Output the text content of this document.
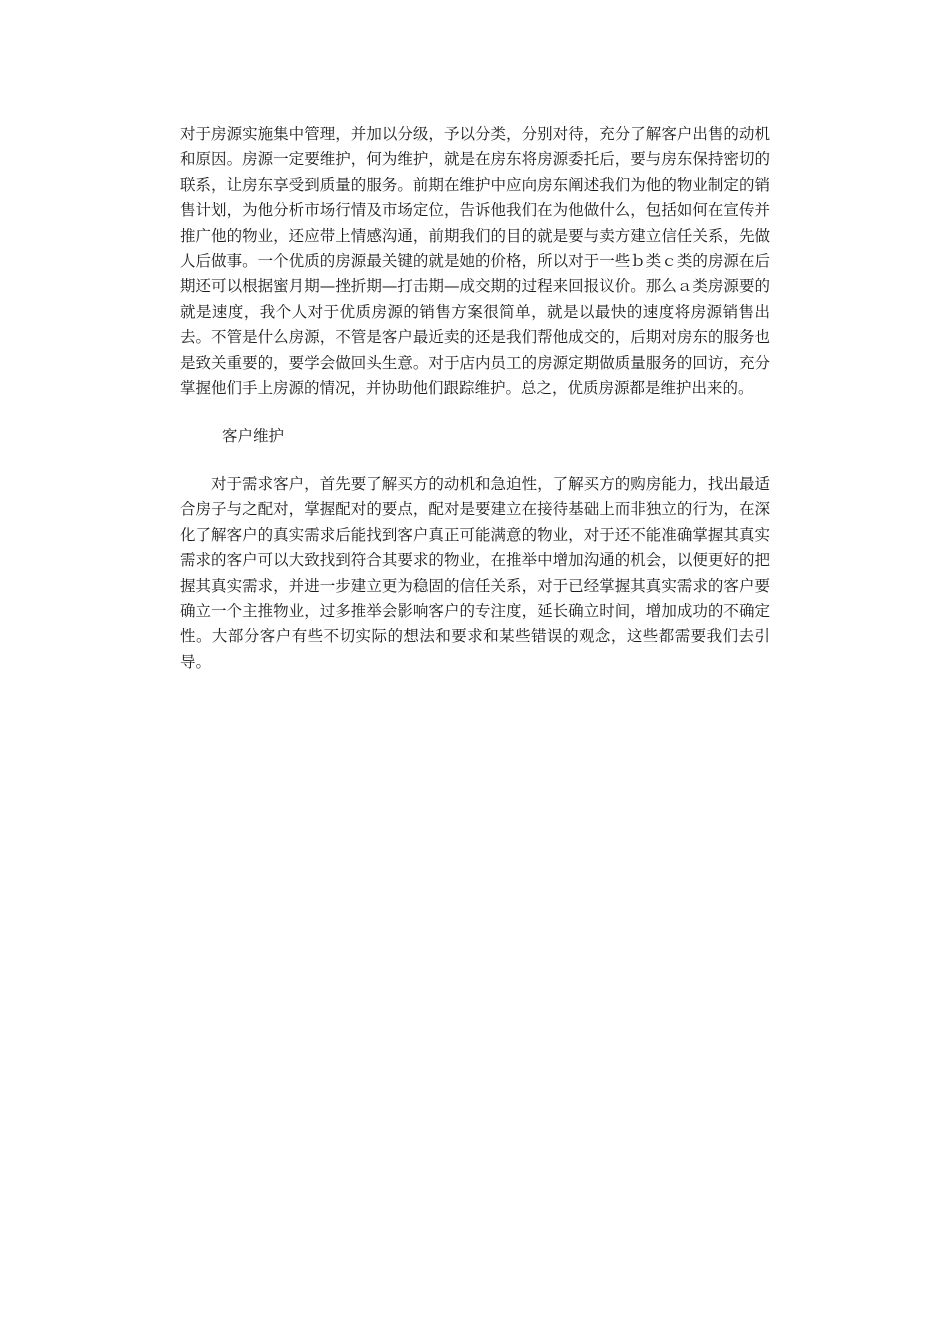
对于房源实施集中管理，并加以分级，予以分类，分别对待，充分了解客户出售的动机和原因。房源一定要维护，何为维护，就是在房东将房源委托后，要与房东保持密切的联系，让房东享受到质量的服务。前期在维护中应向房东阐述我们为他的物业制定的销售计划，为他分析市场行情及市场定位，告诉他我们在为他做什么，包括如何在宣传并推广他的物业，还应带上情感沟通，前期我们的目的就是要与卖方建立信任关系，先做人后做事。一个优质的房源最关键的就是她的价格，所以对于一些ｂ类ｃ类的房源在后期还可以根据蜜月期—挫折期—打击期—成交期的过程来回报议价。那么ａ类房源要的就是速度，我个人对于优质房源的销售方案很简单，就是以最快的速度将房源销售出去。不管是什么房源，不管是客户最近卖的还是我们帮他成交的，后期对房东的服务也是致关重要的，要学会做回头生意。对于店内员工的房源定期做质量服务的回访，充分掌握他们手上房源的情况，并协助他们跟踪维护。总之，优质房源都是维护出来的。

客户维护

对于需求客户，首先要了解买方的动机和急迫性，了解买方的购房能力，找出最适合房子与之配对，掌握配对的要点，配对是要建立在接待基础上而非独立的行为，在深化了解客户的真实需求后能找到客户真正可能满意的物业，对于还不能准确掌握其真实需求的客户可以大致找到符合其要求的物业，在推举中增加沟通的机会，以便更好的把握其真实需求，并进一步建立更为稳固的信任关系，对于已经掌握其真实需求的客户要确立一个主推物业，过多推举会影响客户的专注度，延长确立时间，增加成功的不确定性。大部分客户有些不切实际的想法和要求和某些错误的观念，这些都需要我们去引导。
